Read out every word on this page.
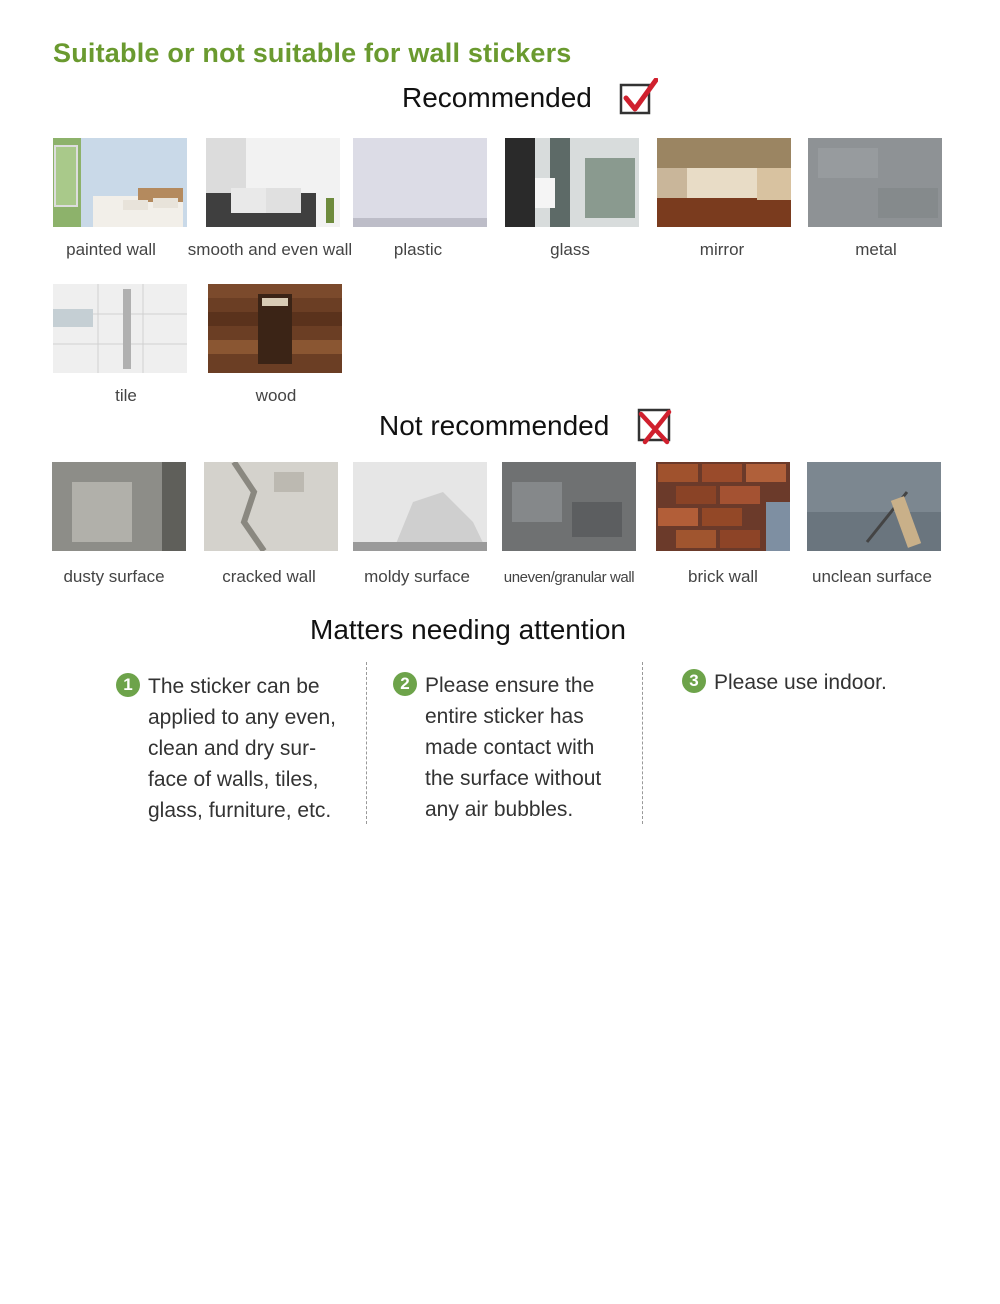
Suitable or not suitable for wall stickers
Recommended
painted wall smooth and even wall plastic	glass	mirror	metal
tile	wood
Not recommended
dusty surface	cracked wall	moldy surface uneven/granular wall	brick wall	unclean surface
Matters needing attention
1 The sticker can be
applied to any even,
clean and dry sur-
face of walls, tiles,
glass, furniture, etc.
2 Please ensure the
entire sticker has
made contact with
the surface without
any air bubbles.
3 Please use indoor.
